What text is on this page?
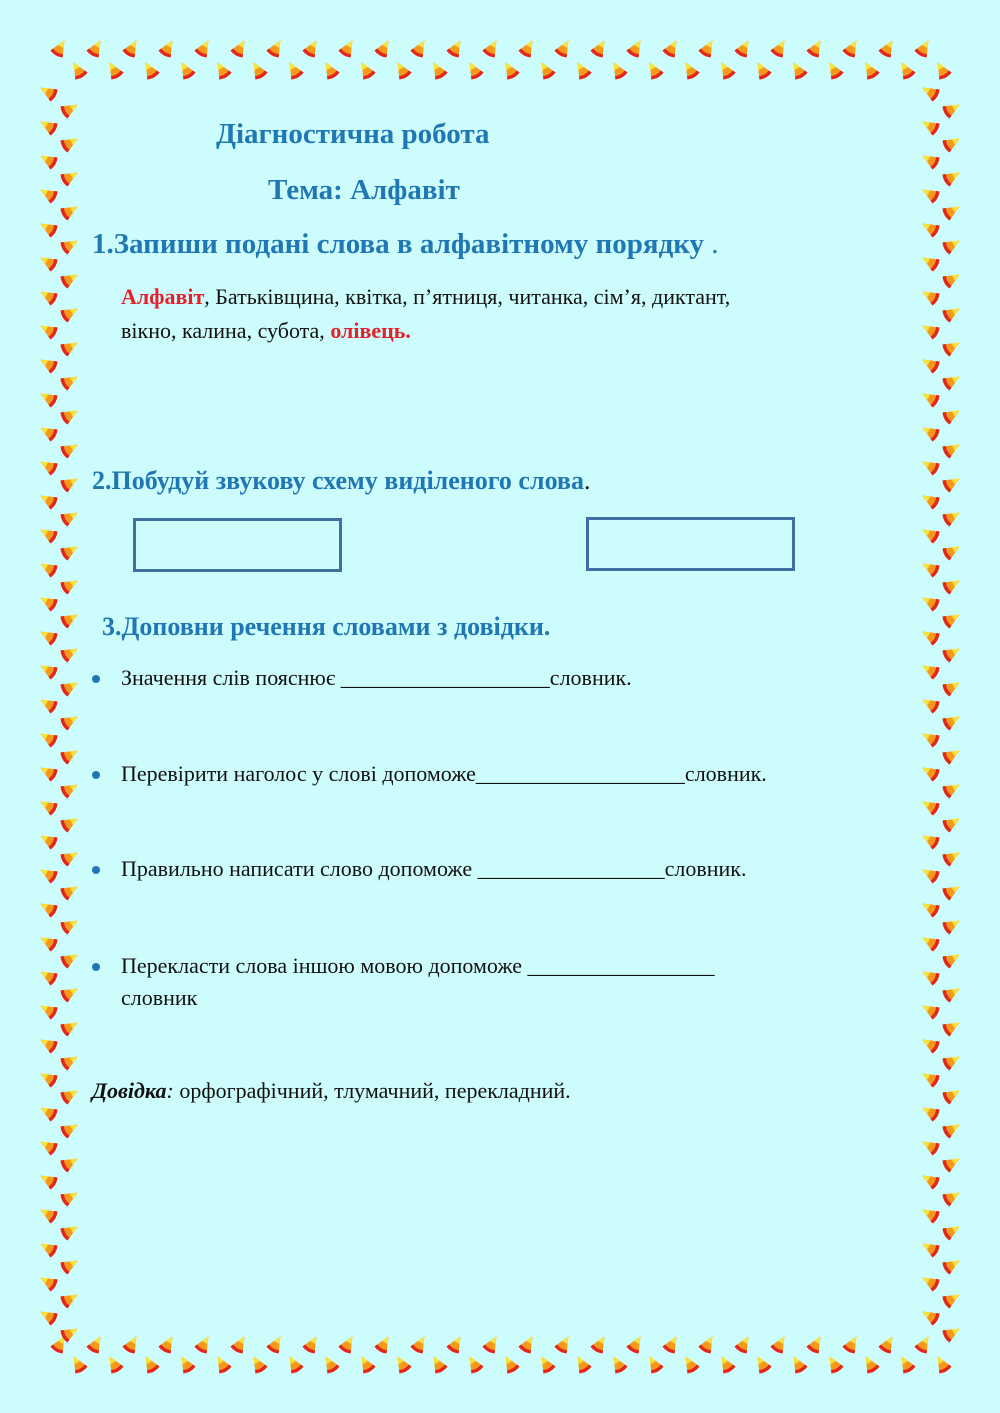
Діагностична робота
Тема: Алфавіт
1.Запиши подані слова в алфавітному порядку .
Алфавіт, Батьківщина, квітка, п’ятниця, читанка, сім’я, диктант,
вікно, калина, субота, олівець.
2.Побудуй звукову схему виділеного слова.
3.Доповни речення словами з довідки.
Значення слів пояснює ___________________словник.
Перевірити наголос у слові допоможе___________________словник.
Правильно написати слово допоможе _________________словник.
Перекласти слова іншою мовою допоможе _________________
словник
Довідка: орфографічний, тлумачний, перекладний.
